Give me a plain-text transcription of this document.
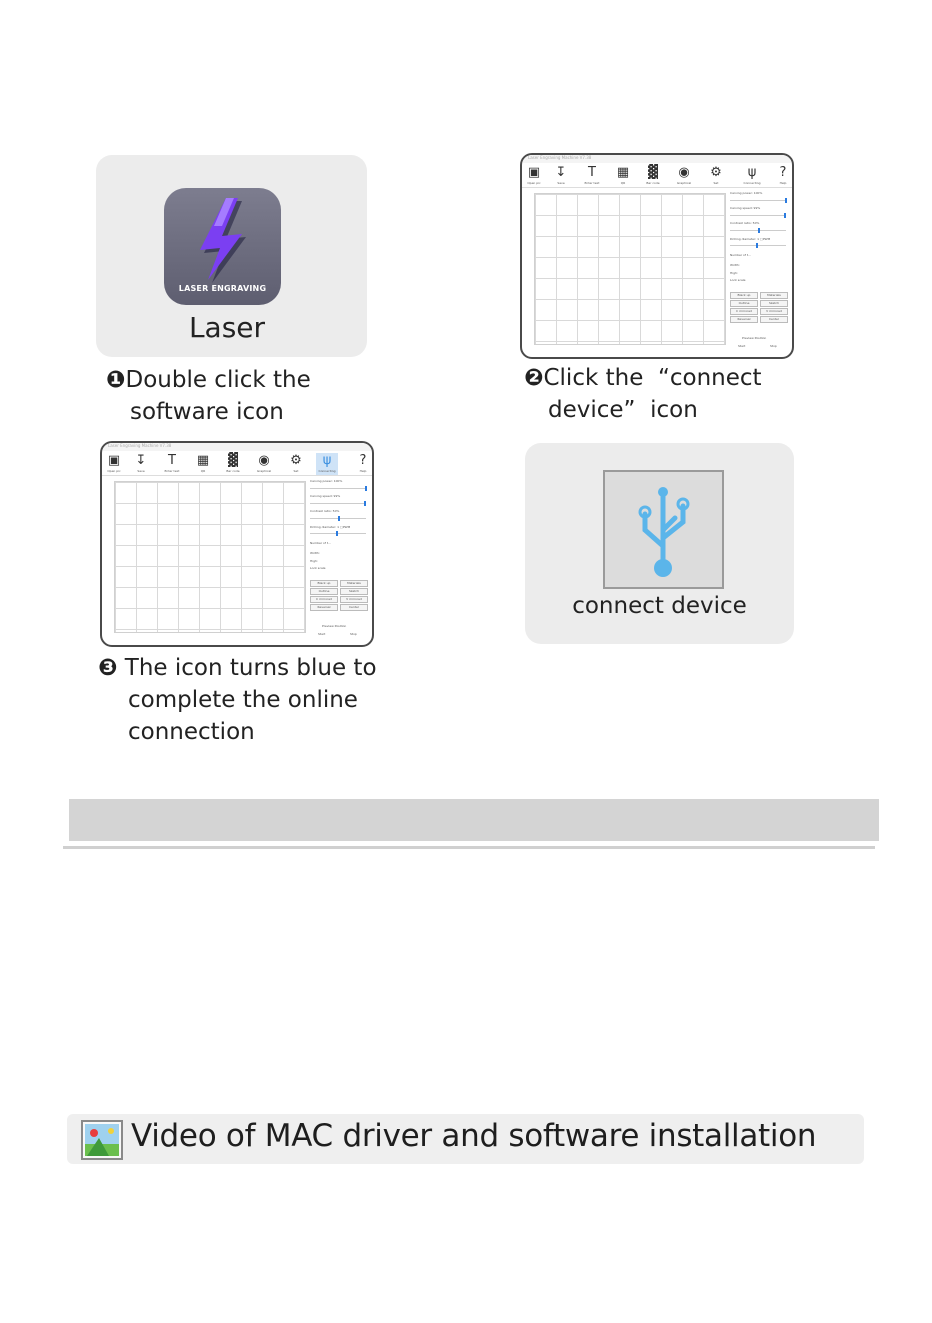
LASER ENGRAVING
Laser
❶Double click the
software icon
Laser Engraving Machine V7.38
▣
Open pic
↧
Save
T
Enter text
▦
QR
▓
Bar code
◉
Graphical
⚙
Set
ψ
Connecting
?
Help
Carving power: 100%
Carving speed: 99%
Contrast ratio: 50%
Drilling diameter: 1 □PWM
Number of t...
Width:
High:
Lock scale
Black up	Materials
Outline	Sketch
C mirrored	V mirrored
Reversal	Center
Preview Position
Start	Stop
❷Click the  “connect
device”  icon
Laser Engraving Machine V7.38
▣
Open pic
↧
Save
T
Enter text
▦
QR
▓
Bar code
◉
Graphical
⚙
Set
ψ
Connecting
?
Help
Carving power: 100%
Carving speed: 99%
Contrast ratio: 50%
Drilling diameter: 1 □PWM
Number of t...
Width:
High:
Lock scale
Black up	Materials
Outline	Sketch
C mirrored	V mirrored
Reversal	Center
Preview Position
Start	Stop
❸ The icon turns blue to
complete the online
connection
connect device
Video of MAC driver and software installation
